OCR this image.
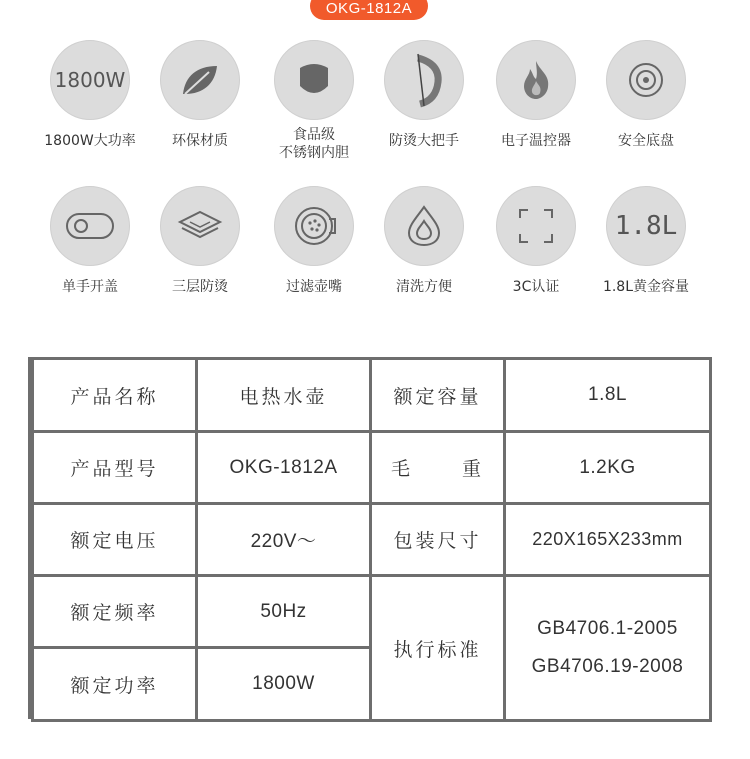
OKG-1812A
1800W
1800W大功率	环保材质	食品级
不锈钢内胆
防烫大把手	电子温控器	安全底盘
单手开盖	三层防烫	过滤壶嘴	清洗方便	3C认证
1.8L
1.8L黄金容量
产品名称	电热水壶	额定容量	1.8L
产品型号	OKG-1812A	毛 重	1.2KG
额定电压	220V～	包装尺寸	220X165X233mm
额定频率	50Hz	执行标准	GB4706.1-2005
GB4706.19-2008

额定功率	1800W		
